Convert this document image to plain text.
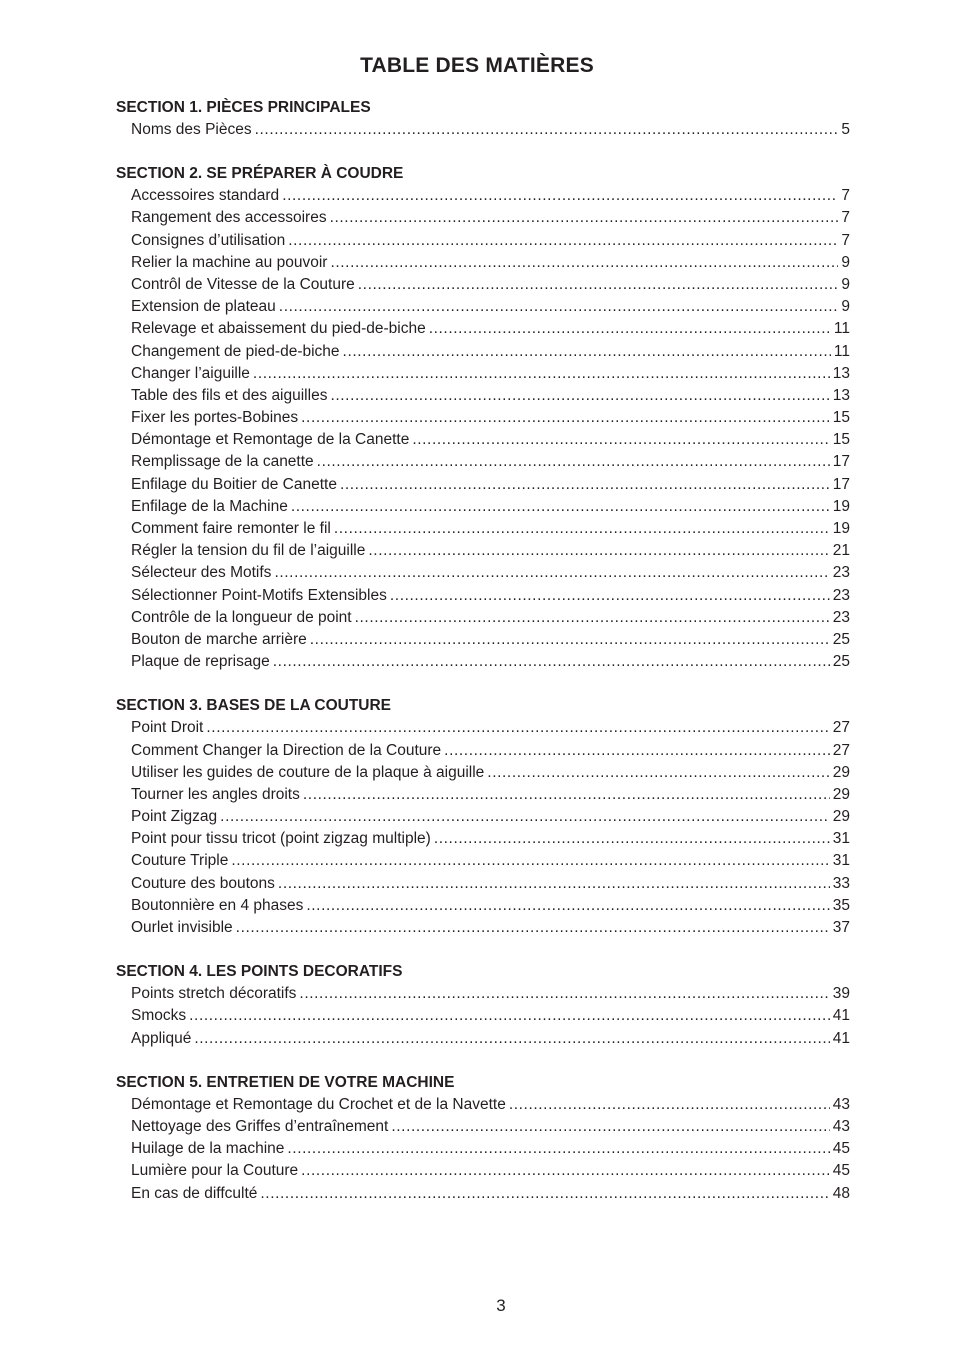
TABLE DES MATIÈRES
SECTION 1. PIÈCES PRINCIPALES
Noms des Pièces .....	5
SECTION 2. SE PRÉPARER À COUDRE
Accessoires standard .....	7
Rangement des accessoires .....	7
Consignes d’utilisation .....	7
Relier la machine au pouvoir .....	9
Contrôl de Vitesse de la Couture .....	9
Extension de plateau .....	9
Relevage et abaissement du pied-de-biche .....	11
Changement de pied-de-biche .....	11
Changer l’aiguille .....	13
Table des fils et des aiguilles .....	13
Fixer les portes-Bobines .....	15
Démontage et Remontage de la Canette .....	15
Remplissage de la canette .....	17
Enfilage du Boitier de Canette .....	17
Enfilage de la Machine .....	19
Comment faire remonter le fil .....	19
Régler la tension du fil de l’aiguille .....	21
Sélecteur des Motifs .....	23
Sélectionner Point-Motifs Extensibles .....	23
Contrôle de la longueur de point .....	23
Bouton de marche arrière .....	25
Plaque de reprisage .....	25
SECTION 3. BASES DE LA COUTURE
Point Droit .....	27
Comment Changer la Direction de la Couture .....	27
Utiliser les guides de couture de la plaque à aiguille .....	29
Tourner les angles droits .....	29
Point Zigzag .....	29
Point pour tissu tricot (point zigzag multiple) .....	31
Couture Triple .....	31
Couture des boutons .....	33
Boutonnière en 4 phases .....	35
Ourlet invisible .....	37
SECTION 4. LES POINTS DECORATIFS
Points stretch décoratifs .....	39
Smocks .....	41
Appliqué .....	41
SECTION 5. ENTRETIEN DE VOTRE MACHINE
Démontage et Remontage du Crochet et de la Navette .....	43
Nettoyage des Griffes d’entraînement .....	43
Huilage de la machine .....	45
Lumière pour la Couture .....	45
En cas de diffculté .....	48
3
